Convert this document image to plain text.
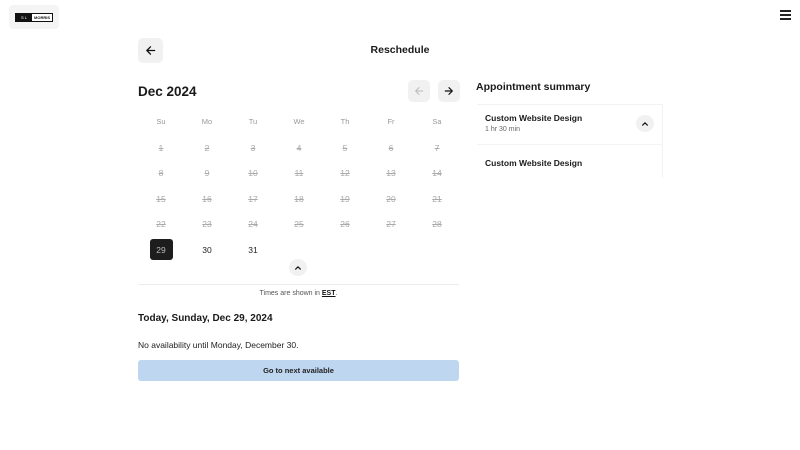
S L	MORRIS
Reschedule
Dec 2024
Su	Mo	Tu	We	Th	Fr	Sa
1	2	3	4	5	6	7
8	9	10	11	12	13	14
15	16	17	18	19	20	21
22	23	24	25	26	27	28
29	30	31
Times are shown in EST.
Today, Sunday, Dec 29, 2024
No availability until Monday, December 30.
Go to next available
Appointment summary
Custom Website Design
1 hr 30 min
Custom Website Design
